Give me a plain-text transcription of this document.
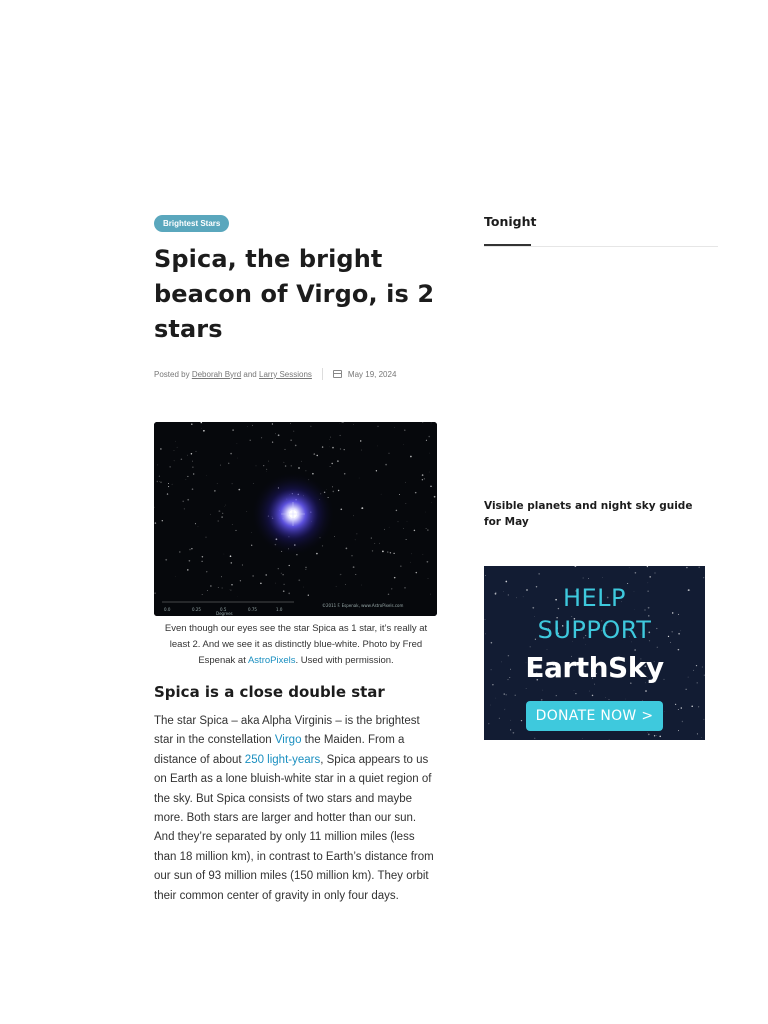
Brightest Stars
Spica, the bright beacon of Virgo, is 2 stars
Posted by
Deborah Byrd
and
Larry Sessions	May 19, 2024
0.0	0.25	0.5	0.75	1.0
Degrees
©2011 F. Espenak, www.AstroPixels.com
Even though our eyes see the star Spica as 1 star, it’s really at least 2. And we see it as distinctly blue-white. Photo by Fred Espenak at AstroPixels. Used with permission.
Spica is a close double star
The star Spica – aka Alpha Virginis – is the brightest star in the constellation Virgo the Maiden. From a distance of about 250 light-years, Spica appears to us on Earth as a lone bluish-white star in a quiet region of the sky. But Spica consists of two stars and maybe more. Both stars are larger and hotter than our sun. And they’re separated by only 11 million miles (less than 18 million km), in contrast to Earth’s distance from our sun of 93 million miles (150 million km). They orbit their common center of gravity in only four days.
Tonight
Visible planets and night sky guide for May
HELP
SUPPORT
EarthSky
DONATE NOW >
